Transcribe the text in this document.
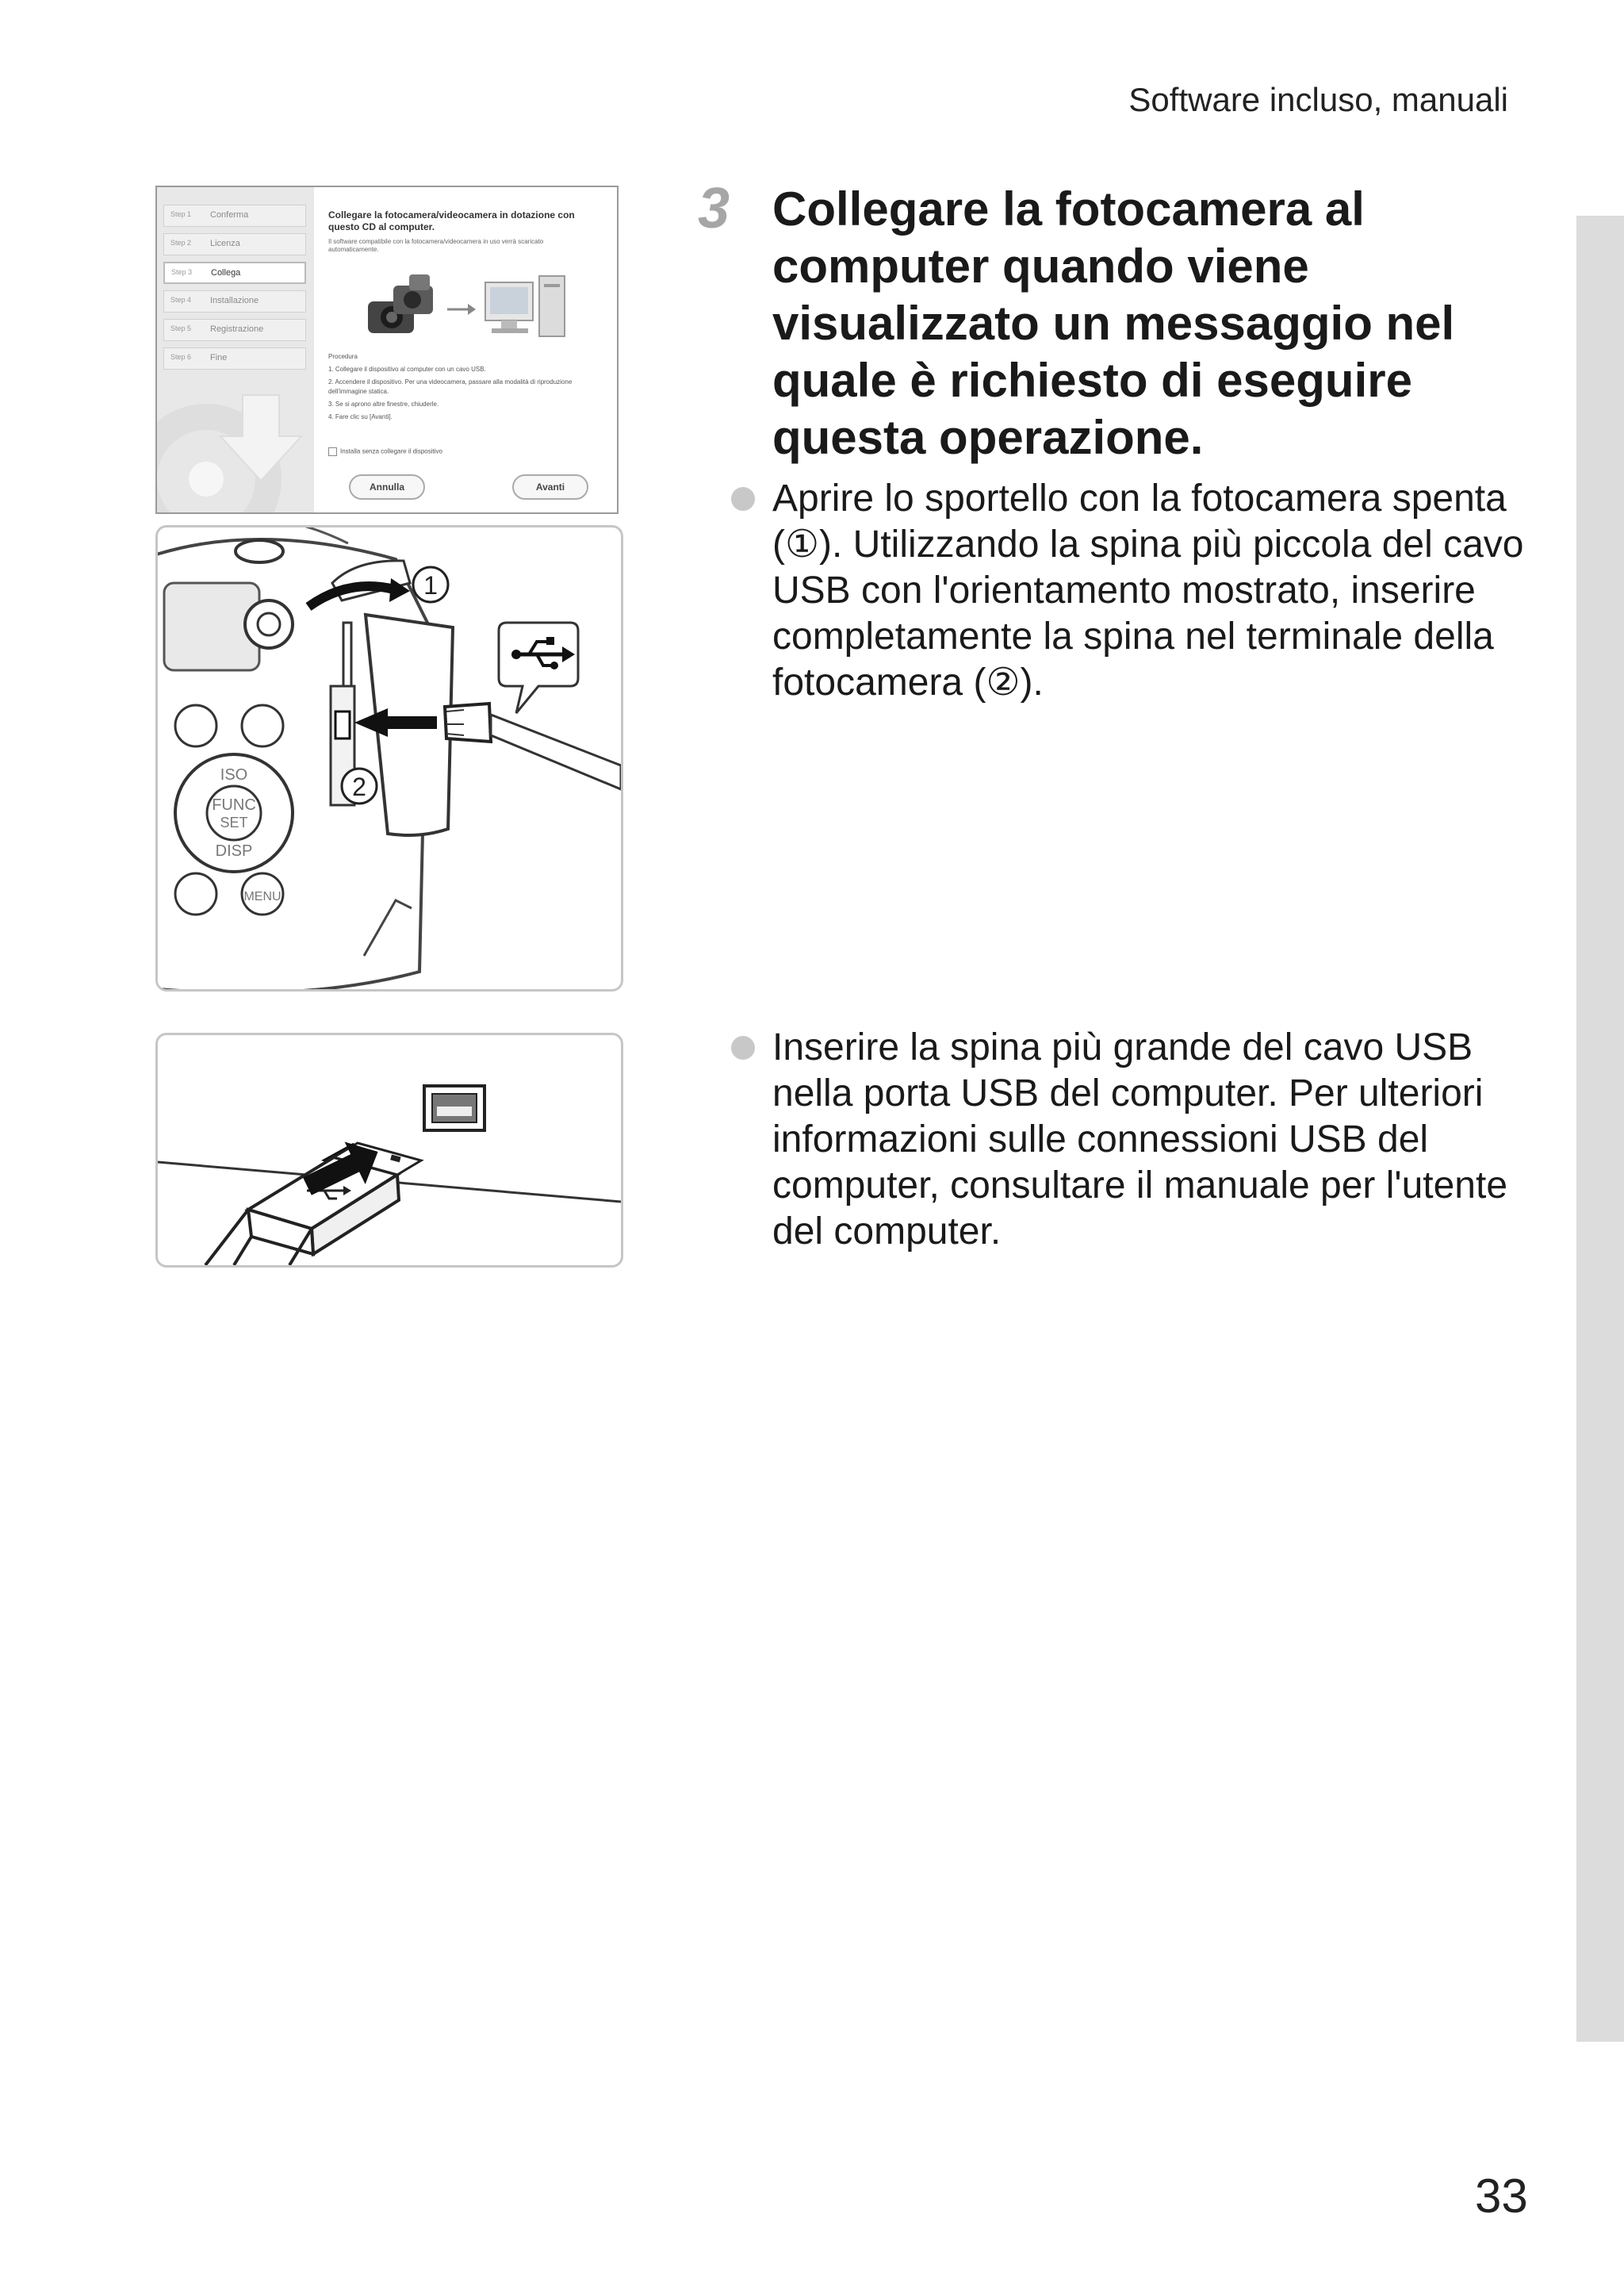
Software incluso, manuali
Step 1 Conferma
Step 2 Licenza
Step 3 Collega
Step 4 Installazione
Step 5 Registrazione
Step 6 Fine

Collegare la fotocamera/videocamera in dotazione con questo CD al computer.

Il software compatibile con la fotocamera/videocamera in uso verrà scaricato automaticamente.

Procedura
1. Collegare il dispositivo al computer con un cavo USB.
2. Accendere il dispositivo. Per una videocamera, passare alla modalità di riproduzione dell'immagine statica.
3. Se si aprono altre finestre, chiuderle.
4. Fare clic su [Avanti].
Installa senza collegare il dispositivo
Annulla	Avanti
1
2
ISO
FUNC
SET
DISP
MENU
3 Collegare la fotocamera al computer quando viene visualizzato un messaggio nel quale è richiesto di eseguire questa operazione.

Aprire lo sportello con la fotocamera spenta (①). Utilizzando la spina più piccola del cavo USB con l'orientamento mostrato, inserire completamente la spina nel terminale della fotocamera (②).

Inserire la spina più grande del cavo USB nella porta USB del computer. Per ulteriori informazioni sulle connessioni USB del computer, consultare il manuale per l'utente del computer.

33
